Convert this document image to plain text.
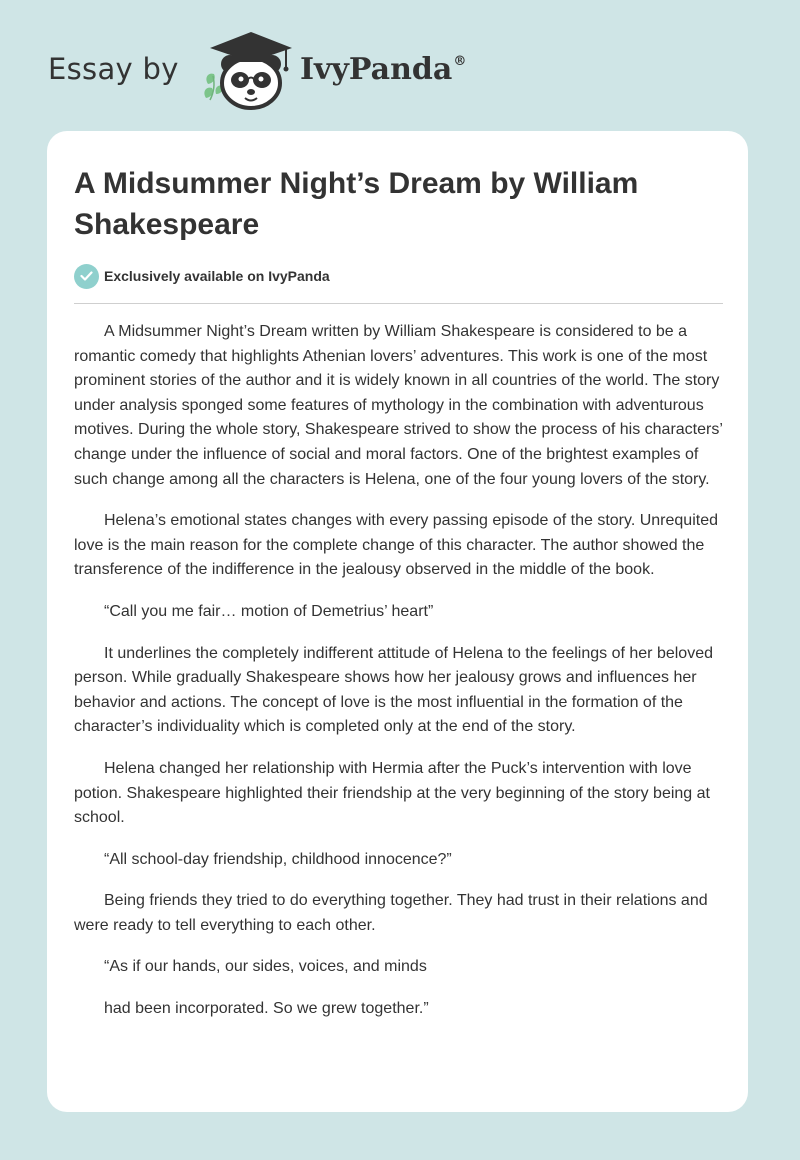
Essay by	IvyPanda®
A Midsummer Night’s Dream by William Shakespeare
Exclusively available on IvyPanda

A Midsummer Night’s Dream written by William Shakespeare is considered to be a romantic comedy that highlights Athenian lovers’ adventures. This work is one of the most prominent stories of the author and it is widely known in all countries of the world. The story under analysis sponged some features of mythology in the combination with adventurous motives. During the whole story, Shakespeare strived to show the process of his characters’ change under the influence of social and moral factors. One of the brightest examples of such change among all the characters is Helena, one of the four young lovers of the story.

Helena’s emotional states changes with every passing episode of the story. Unrequited love is the main reason for the complete change of this character. The author showed the transference of the indifference in the jealousy observed in the middle of the book.

“Call you me fair… motion of Demetrius’ heart”

It underlines the completely indifferent attitude of Helena to the feelings of her beloved person. While gradually Shakespeare shows how her jealousy grows and influences her behavior and actions. The concept of love is the most influential in the formation of the character’s individuality which is completed only at the end of the story.

Helena changed her relationship with Hermia after the Puck’s intervention with love potion. Shakespeare highlighted their friendship at the very beginning of the story being at school.

“All school-day friendship, childhood innocence?”

Being friends they tried to do everything together. They had trust in their relations and were ready to tell everything to each other.

“As if our hands, our sides, voices, and minds

had been incorporated. So we grew together.”
